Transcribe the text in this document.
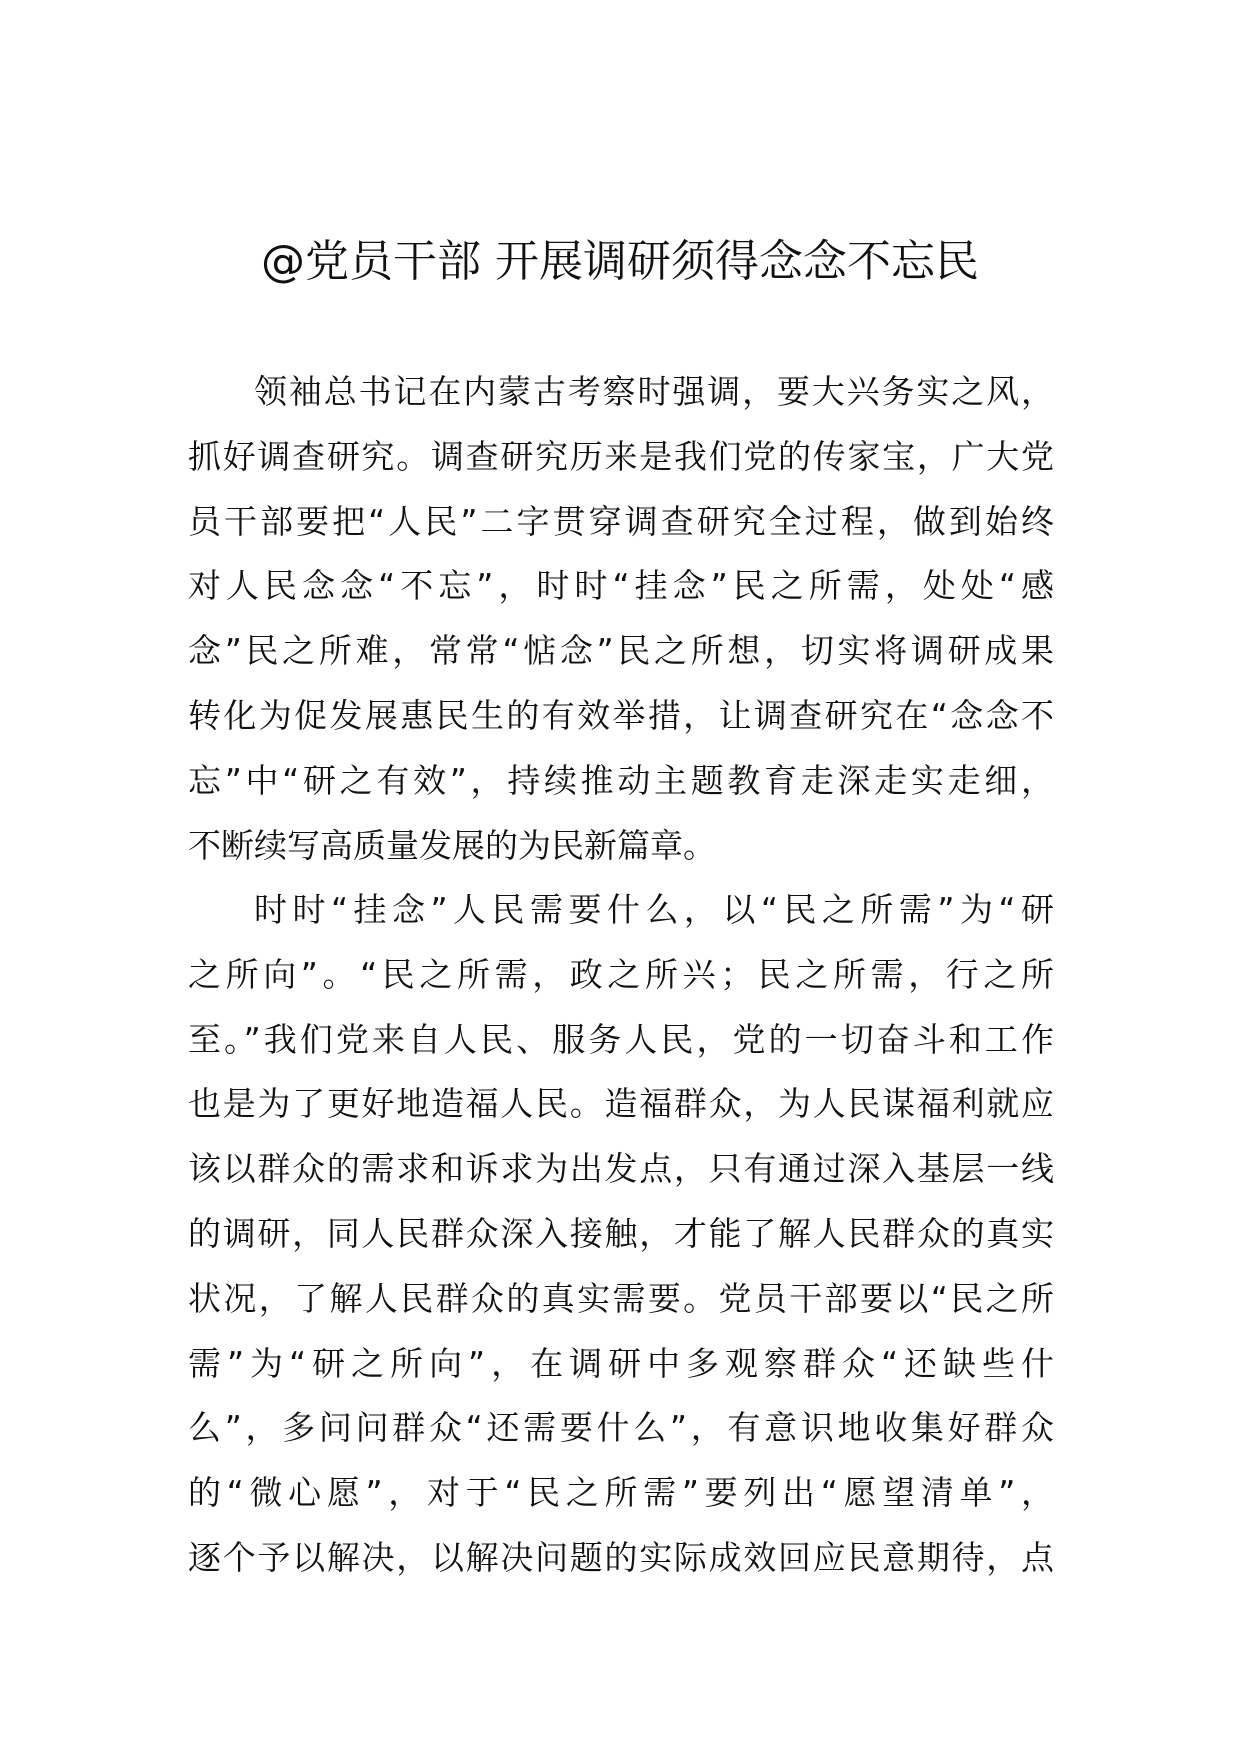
@党员干部 开展调研须得念念不忘民
领袖总书记在内蒙古考察时强调，要大兴务实之风，
抓好调查研究。调查研究历来是我们党的传家宝，广大党
员干部要把“人民”二字贯穿调查研究全过程，做到始终
对人民念念“不忘”，时时“挂念”民之所需，处处“感
念”民之所难，常常“惦念”民之所想，切实将调研成果
转化为促发展惠民生的有效举措，让调查研究在“念念不
忘”中“研之有效”，持续推动主题教育走深走实走细，
不断续写高质量发展的为民新篇章。
时时“挂念”人民需要什么，以“民之所需”为“研
之所向”。“民之所需，政之所兴；民之所需，行之所
至。”我们党来自人民、服务人民，党的一切奋斗和工作
也是为了更好地造福人民。造福群众，为人民谋福利就应
该以群众的需求和诉求为出发点，只有通过深入基层一线
的调研，同人民群众深入接触，才能了解人民群众的真实
状况，了解人民群众的真实需要。党员干部要以“民之所
需”为“研之所向”，在调研中多观察群众“还缺些什
么”，多问问群众“还需要什么”，有意识地收集好群众
的“微心愿”，对于“民之所需”要列出“愿望清单”，
逐个予以解决，以解决问题的实际成效回应民意期待，点
